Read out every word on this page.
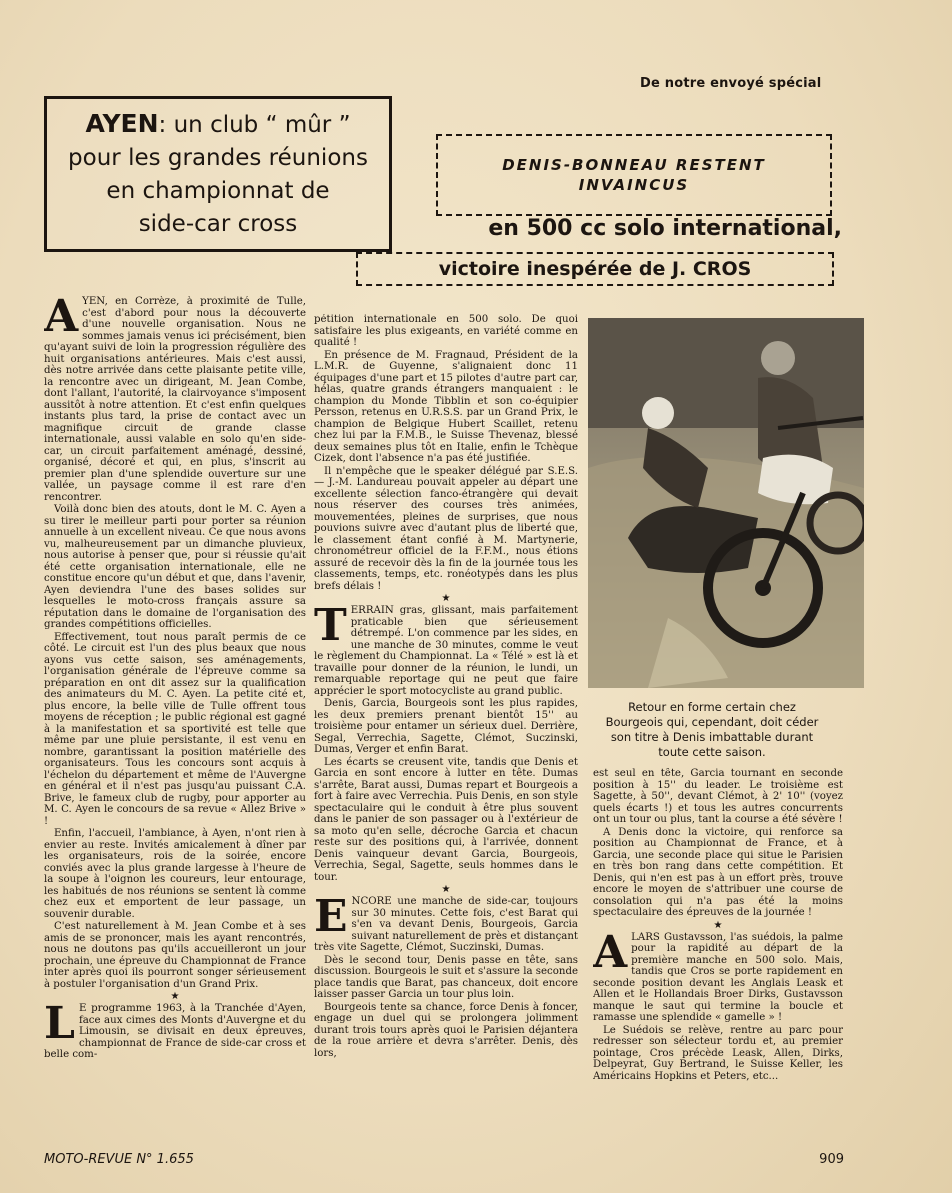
De notre envoyé spécial
AYEN: un club “ mûr ”
pour les grandes réunions
en championnat de
side-car cross
DENIS-BONNEAU RESTENT
INVAINCUS
en 500 cc solo international,
victoire inespérée de J. CROS

AYEN, en Corrèze, à proximité de Tulle, c'est d'abord pour nous la découverte d'une nouvelle organisation. Nous ne sommes jamais venus ici précisément, bien qu'ayant suivi de loin la progression régulière des huit organisations antérieures. Mais c'est aussi, dès notre arrivée dans cette plaisante petite ville, la rencontre avec un dirigeant, M. Jean Combe, dont l'allant, l'autorité, la clairvoyance s'imposent aussitôt à notre attention. Et c'est enfin quelques instants plus tard, la prise de contact avec un magnifique circuit de grande classe internationale, aussi valable en solo qu'en side-car, un circuit parfaitement aménagé, dessiné, organisé, décoré et qui, en plus, s'inscrit au premier plan d'une splendide ouverture sur une vallée, un paysage comme il est rare d'en rencontrer.

Voilà donc bien des atouts, dont le M. C. Ayen a su tirer le meilleur parti pour porter sa réunion annuelle à un excellent niveau. Ce que nous avons vu, malheureusement par un dimanche pluvieux, nous autorise à penser que, pour si réussie qu'ait été cette organisation internationale, elle ne constitue encore qu'un début et que, dans l'avenir, Ayen deviendra l'une des bases solides sur lesquelles le moto-cross français assure sa réputation dans le domaine de l'organisation des grandes compétitions officielles.

Effectivement, tout nous paraît permis de ce côté. Le circuit est l'un des plus beaux que nous ayons vus cette saison, ses aménagements, l'organisation générale de l'épreuve comme sa préparation en ont dit assez sur la qualification des animateurs du M. C. Ayen. La petite cité et, plus encore, la belle ville de Tulle offrent tous moyens de réception ; le public régional est gagné à la manifestation et sa sportivité est telle que même par une pluie persistante, il est venu en nombre, garantissant la position matérielle des organisateurs. Tous les concours sont acquis à l'échelon du département et même de l'Auvergne en général et il n'est pas jusqu'au puissant C.A. Brive, le fameux club de rugby, pour apporter au M. C. Ayen le concours de sa revue « Allez Brive » !

Enfin, l'accueil, l'ambiance, à Ayen, n'ont rien à envier au reste. Invités amicalement à dîner par les organisateurs, rois de la soirée, encore conviés avec la plus grande largesse à l'heure de la soupe à l'oignon les coureurs, leur entourage, les habitués de nos réunions se sentent là comme chez eux et emportent de leur passage, un souvenir durable.

C'est naturellement à M. Jean Combe et à ses amis de se prononcer, mais les ayant rencontrés, nous ne doutons pas qu'ils accueilleront un jour prochain, une épreuve du Championnat de France inter après quoi ils pourront songer sérieusement à postuler l'organisation d'un Grand Prix.

★

L E programme 1963, à la Tranchée d'Ayen, face aux cimes des Monts d'Auvergne et du Limousin, se divisait en deux épreuves, championnat de France de side-car cross et belle com-

pétition internationale en 500 solo. De quoi satisfaire les plus exigeants, en variété comme en qualité !

En présence de M. Fragnaud, Président de la L.M.R. de Guyenne, s'alignaient donc 11 équipages d'une part et 15 pilotes d'autre part car, hélas, quatre grands étrangers manquaient : le champion du Monde Tibblin et son co-équipier Persson, retenus en U.R.S.S. par un Grand Prix, le champion de Belgique Hubert Scaillet, retenu chez lui par la F.M.B., le Suisse Thevenaz, blessé deux semaines plus tôt en Italie, enfin le Tchèque Cizek, dont l'absence n'a pas été justifiée.

Il n'empêche que le speaker délégué par S.E.S. — J.-M. Landureau pouvait appeler au départ une excellente sélection fanco-étrangère qui devait nous réserver des courses très animées, mouvementées, pleines de surprises, que nous pouvions suivre avec d'autant plus de liberté que, le classement étant confié à M. Martynerie, chronométreur officiel de la F.F.M., nous étions assuré de recevoir dès la fin de la journée tous les classements, temps, etc. ronéotypés dans les plus brefs délais !

★

TERRAIN gras, glissant, mais parfaitement praticable bien que sérieusement détrempé. L'on commence par les sides, en une manche de 30 minutes, comme le veut le règlement du Championnat. La « Télé » est là et travaille pour donner de la réunion, le lundi, un remarquable reportage qui ne peut que faire apprécier le sport motocycliste au grand public.

Denis, Garcia, Bourgeois sont les plus rapides, les deux premiers prenant bientôt 15'' au troisième pour entamer un sérieux duel. Derrière, Segal, Verrechia, Sagette, Clémot, Suczinski, Dumas, Verger et enfin Barat.

Les écarts se creusent vite, tandis que Denis et Garcia en sont encore à lutter en tête. Dumas s'arrête, Barat aussi, Dumas repart et Bourgeois a fort à faire avec Verrechia. Puis Denis, en son style spectaculaire qui le conduit à être plus souvent dans le panier de son passager ou à l'extérieur de sa moto qu'en selle, décroche Garcia et chacun reste sur des positions qui, à l'arrivée, donnent Denis vainqueur devant Garcia, Bourgeois, Verrechia, Segal, Sagette, seuls hommes dans le tour.

★

ENCORE une manche de side-car, toujours sur 30 minutes. Cette fois, c'est Barat qui s'en va devant Denis, Bourgeois, Garcia suivant naturellement de près et distançant très vite Sagette, Clémot, Suczinski, Dumas.

Dès le second tour, Denis passe en tête, sans discussion. Bourgeois le suit et s'assure la seconde place tandis que Barat, pas chanceux, doit encore laisser passer Garcia un tour plus loin.

Bourgeois tente sa chance, force Denis à foncer, engage un duel qui se prolongera jolimment durant trois tours après quoi le Parisien déjantera de la roue arrière et devra s'arrêter. Denis, dès lors,

Retour en forme certain chez Bourgeois qui, cependant, doit céder son titre à Denis imbattable durant toute cette saison.

est seul en tête, Garcia tournant en seconde position à 15'' du leader. Le troisième est Sagette, à 50'', devant Clémot, à 2' 10'' (voyez quels écarts !) et tous les autres concurrents ont un tour ou plus, tant la course a été sévère !

A Denis donc la victoire, qui renforce sa position au Championnat de France, et à Garcia, une seconde place qui situe le Parisien en très bon rang dans cette compétition. Et Denis, qui n'en est pas à un effort près, trouve encore le moyen de s'attribuer une course de consolation qui n'a pas été la moins spectaculaire des épreuves de la journée !

★

ALARS Gustavsson, l'as suédois, la palme pour la rapidité au départ de la première manche en 500 solo. Mais, tandis que Cros se porte rapidement en seconde position devant les Anglais Leask et Allen et le Hollandais Broer Dirks, Gustavsson manque le saut qui termine la boucle et ramasse une splendide « gamelle » !

Le Suédois se relève, rentre au parc pour redresser son sélecteur tordu et, au premier pointage, Cros précède Leask, Allen, Dirks, Delpeyrat, Guy Bertrand, le Suisse Keller, les Américains Hopkins et Peters, etc...

MOTO-REVUE N° 1.655	909
